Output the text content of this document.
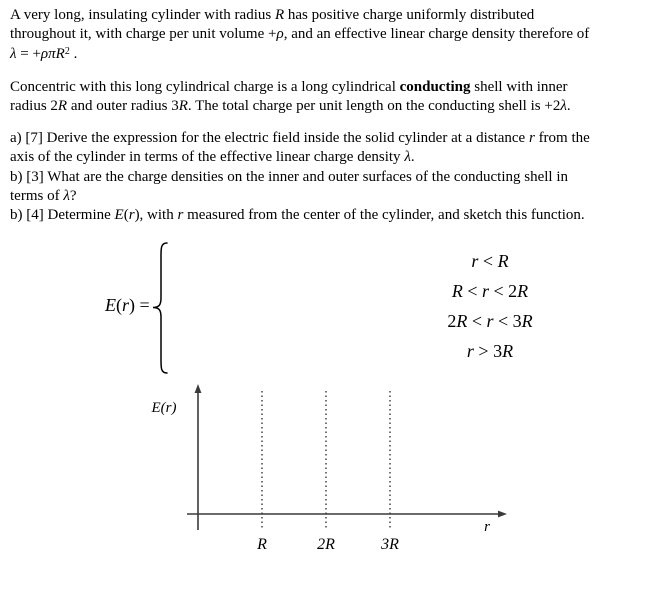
A very long, insulating cylinder with radius R has positive charge uniformly distributed
throughout it, with charge per unit volume +ρ, and an effective linear charge density therefore of
λ = +ρπR$^2$ .
Concentric with this long cylindrical charge is a long cylindrical conducting shell with inner
radius 2R and outer radius 3R. The total charge per unit length on the conducting shell is +2λ.
a) [7] Derive the expression for the electric field inside the solid cylinder at a distance r from the
axis of the cylinder in terms of the effective linear charge density λ.
b) [3] What are the charge densities on the inner and outer surfaces of the conducting shell in
terms of λ?
b) [4] Determine E(r), with r measured from the center of the cylinder, and sketch this function.
E(r) =
r < R
R < r < 2R
2R < r < 3R
r > 3R
E(r)
R	2R	3R
r
